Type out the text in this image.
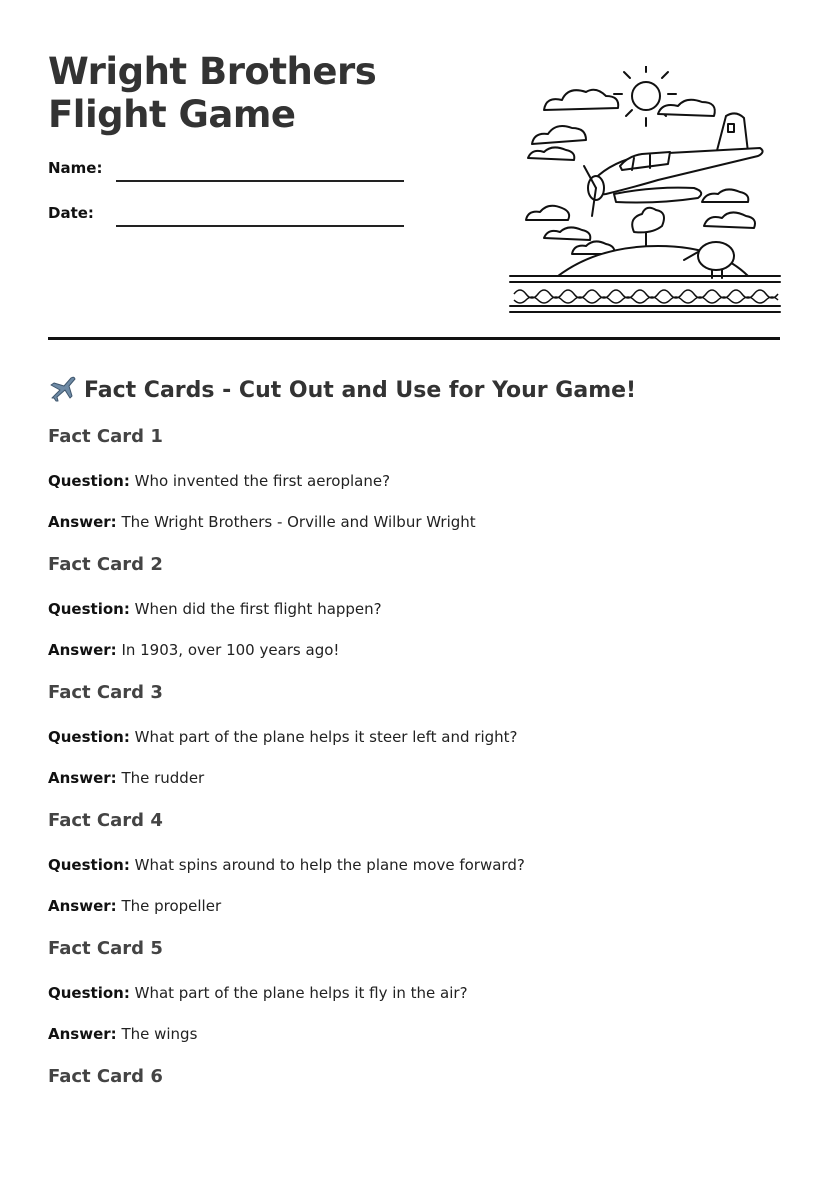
Wright Brothers Flight Game
Name:
Date:
Fact Cards - Cut Out and Use for Your Game!
Fact Card 1
Question: Who invented the first aeroplane?
Answer: The Wright Brothers - Orville and Wilbur Wright
Fact Card 2
Question: When did the first flight happen?
Answer: In 1903, over 100 years ago!
Fact Card 3
Question: What part of the plane helps it steer left and right?
Answer: The rudder
Fact Card 4
Question: What spins around to help the plane move forward?
Answer: The propeller
Fact Card 5
Question: What part of the plane helps it fly in the air?
Answer: The wings
Fact Card 6
